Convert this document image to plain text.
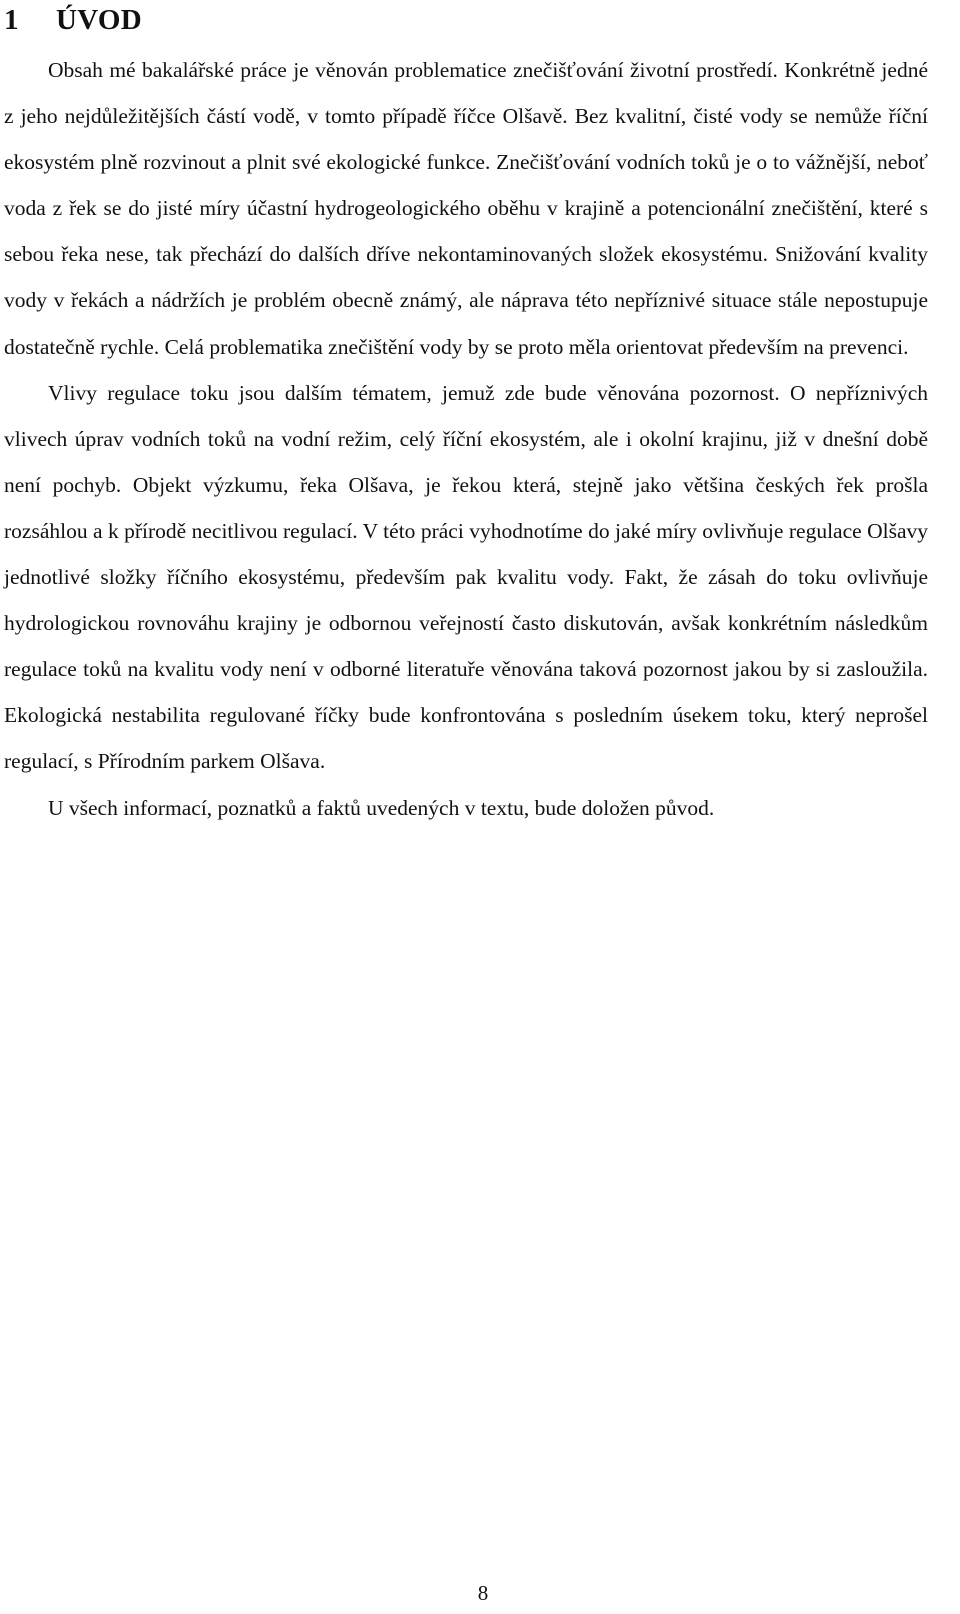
1 ÚVOD

Obsah mé bakalářské práce je věnován problematice znečišťování životní prostředí. Konkrétně jedné z jeho nejdůležitějších částí vodě, v tomto případě říčce Olšavě. Bez kvalitní, čisté vody se nemůže říční ekosystém plně rozvinout a plnit své ekologické funkce. Znečišťování vodních toků je o to vážnější, neboť voda z řek se do jisté míry účastní hydrogeologického oběhu v krajině a potencionální znečištění, které s sebou řeka nese, tak přechází do dalších dříve nekontaminovaných složek ekosystému. Snižování kvality vody v řekách a nádržích je problém obecně známý, ale náprava této nepříznivé situace stále nepostupuje dostatečně rychle. Celá problematika znečištění vody by se proto měla orientovat především na prevenci.

Vlivy regulace toku jsou dalším tématem, jemuž zde bude věnována pozornost. O nepříznivých vlivech úprav vodních toků na vodní režim, celý říční ekosystém, ale i okolní krajinu, již v dnešní době není pochyb. Objekt výzkumu, řeka Olšava, je řekou která, stejně jako většina českých řek prošla rozsáhlou a k přírodě necitlivou regulací. V této práci vyhodnotíme do jaké míry ovlivňuje regulace Olšavy jednotlivé složky říčního ekosystému, především pak kvalitu vody. Fakt, že zásah do toku ovlivňuje hydrologickou rovnováhu krajiny je odbornou veřejností často diskutován, avšak konkrétním následkům regulace toků na kvalitu vody není v odborné literatuře věnována taková pozornost jakou by si zasloužila. Ekologická nestabilita regulované říčky bude konfrontována s posledním úsekem toku, který neprošel regulací, s Přírodním parkem Olšava.

U všech informací, poznatků a faktů uvedených v textu, bude doložen původ.

8
